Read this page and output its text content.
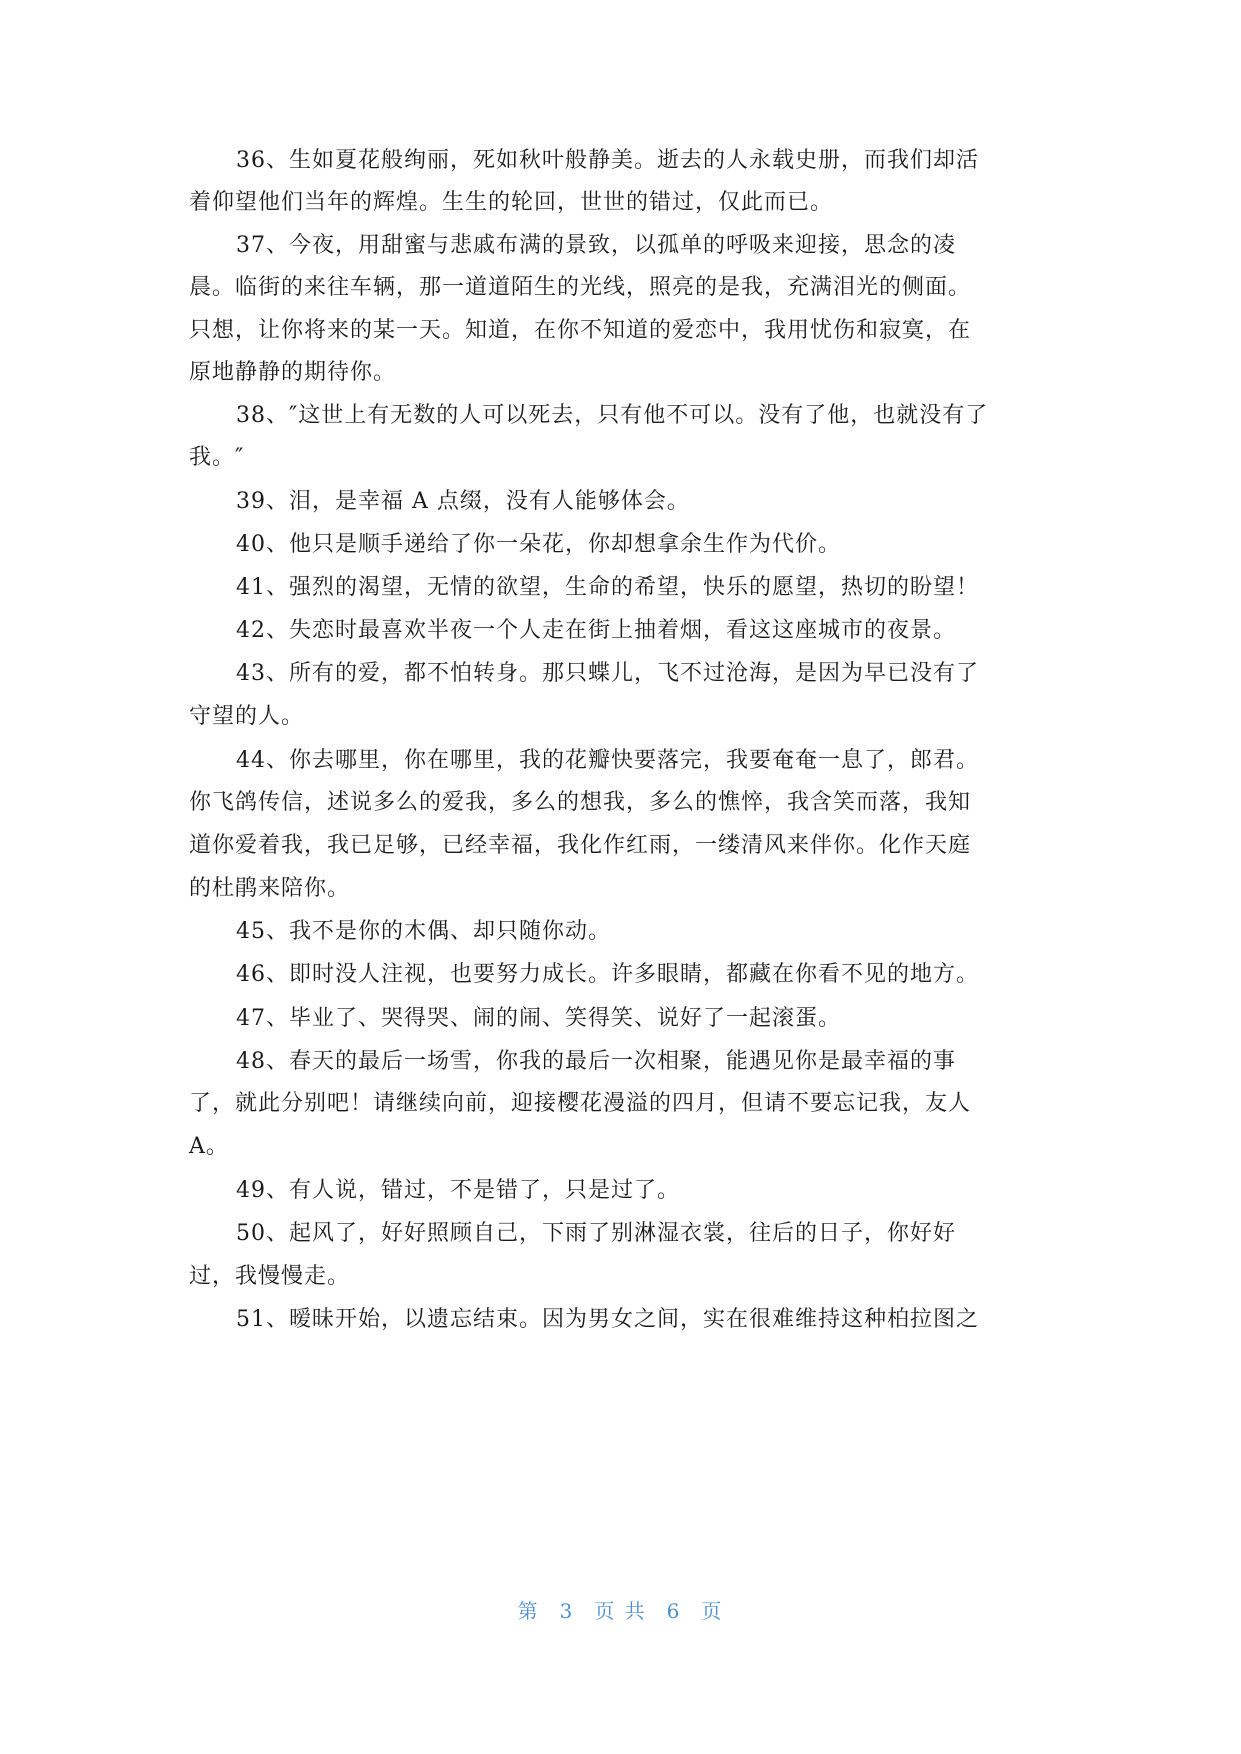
36、生如夏花般绚丽，死如秋叶般静美。逝去的人永载史册，而我们却活
着仰望他们当年的辉煌。生生的轮回，世世的错过，仅此而已。
37、今夜，用甜蜜与悲戚布满的景致，以孤单的呼吸来迎接，思念的凌
晨。临街的来往车辆，那一道道陌生的光线，照亮的是我，充满泪光的侧面。
只想，让你将来的某一天。知道，在你不知道的爱恋中，我用忧伤和寂寞，在
原地静静的期待你。
38、″这世上有无数的人可以死去，只有他不可以。没有了他，也就没有了
我。″
39、泪，是幸福 A 点缀，没有人能够体会。
40、他只是顺手递给了你一朵花，你却想拿余生作为代价。
41、强烈的渴望，无情的欲望，生命的希望，快乐的愿望，热切的盼望！
42、失恋时最喜欢半夜一个人走在街上抽着烟，看这这座城市的夜景。
43、所有的爱，都不怕转身。那只蝶儿，飞不过沧海，是因为早已没有了
守望的人。
44、你去哪里，你在哪里，我的花瓣快要落完，我要奄奄一息了，郎君。
你飞鸽传信，述说多么的爱我，多么的想我，多么的憔悴，我含笑而落，我知
道你爱着我，我已足够，已经幸福，我化作红雨，一缕清风来伴你。化作天庭
的杜鹃来陪你。
45、我不是你的木偶、却只随你动。
46、即时没人注视，也要努力成长。许多眼睛，都藏在你看不见的地方。
47、毕业了、哭得哭、闹的闹、笑得笑、说好了一起滚蛋。
48、春天的最后一场雪，你我的最后一次相聚，能遇见你是最幸福的事
了，就此分别吧！请继续向前，迎接樱花漫溢的四月，但请不要忘记我，友人
A。
49、有人说，错过，不是错了，只是过了。
50、起风了，好好照顾自己，下雨了别淋湿衣裳，往后的日子，你好好
过，我慢慢走。
51、暧昧开始，以遗忘结束。因为男女之间，实在很难维持这种柏拉图之
第 3 页 共 6 页
